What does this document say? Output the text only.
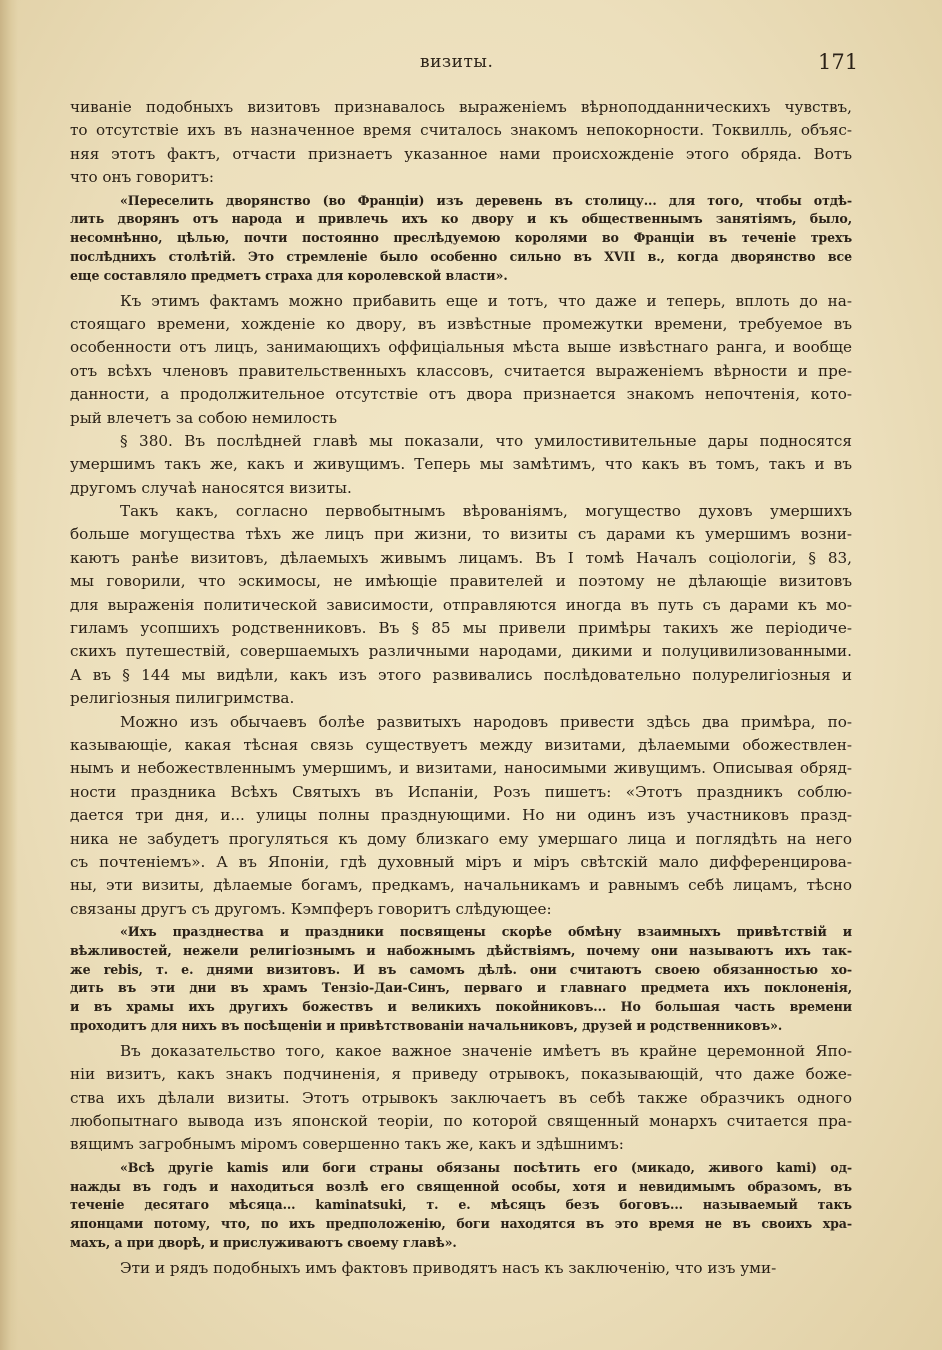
визиты.	171
чиванiе подобныхъ визитовъ признавалось выраженiемъ вѣрноподданническихъ чувствъ,
то отсутствiе ихъ въ назначенное время считалось знакомъ непокорности. Токвилль, объяс-
няя этотъ фактъ, отчасти признаетъ указанное нами происхожденiе этого обряда. Вотъ
что онъ говоритъ:
«Переселить дворянство (во Францiи) изъ деревень въ столицу... для того, чтобы отдѣ-
лить дворянъ отъ народа и привлечь ихъ ко двору и къ общественнымъ занятiямъ, было,
несомнѣнно, цѣлью, почти постоянно преслѣдуемою королями во Францiи въ теченiе трехъ
послѣднихъ столѣтiй. Это стремленiе было особенно сильно въ XVII в., когда дворянство все
еще составляло предметъ страха для королевской власти».
Къ этимъ фактамъ можно прибавить еще и тотъ, что даже и теперь, вплоть до на-
стоящаго времени, хожденiе ко двору, въ извѣстные промежутки времени, требуемое въ
особенности отъ лицъ, занимающихъ оффицiальныя мѣста выше извѣстнаго ранга, и вообще
отъ всѣхъ членовъ правительственныхъ классовъ, считается выраженiемъ вѣрности и пре-
данности, а продолжительное отсутствiе отъ двора признается знакомъ непочтенiя, кото-
рый влечетъ за собою немилость
§ 380. Въ послѣдней главѣ мы показали, что умилостивительные дары подносятся
умершимъ такъ же, какъ и живущимъ. Теперь мы замѣтимъ, что какъ въ томъ, такъ и въ
другомъ случаѣ наносятся визиты.
Такъ какъ, согласно первобытнымъ вѣрованiямъ, могущество духовъ умершихъ
больше могущества тѣхъ же лицъ при жизни, то визиты съ дарами къ умершимъ возни-
каютъ ранѣе визитовъ, дѣлаемыхъ живымъ лицамъ. Въ I томѣ Началъ соцiологiи, § 83,
мы говорили, что эскимосы, не имѣющiе правителей и поэтому не дѣлающiе визитовъ
для выраженiя политической зависимости, отправляются иногда въ путь съ дарами къ мо-
гиламъ усопшихъ родственниковъ. Въ § 85 мы привели примѣры такихъ же перiодиче-
скихъ путешествiй, совершаемыхъ различными народами, дикими и полуцивилизованными.
А въ § 144 мы видѣли, какъ изъ этого развивались послѣдовательно полурелигiозныя и
религiозныя пилигримства.
Можно изъ обычаевъ болѣе развитыхъ народовъ привести здѣсь два примѣра, по-
казывающiе, какая тѣсная связь существуетъ между визитами, дѣлаемыми обожествлен-
нымъ и небожествленнымъ умершимъ, и визитами, наносимыми живущимъ. Описывая обряд-
ности праздника Всѣхъ Святыхъ въ Испанiи, Розъ пишетъ: «Этотъ праздникъ соблю-
дается три дня, и... улицы полны празднующими. Но ни одинъ изъ участниковъ празд-
ника не забудетъ прогуляться къ дому близкаго ему умершаго лица и поглядѣть на него
съ почтенiемъ». А въ Японiи, гдѣ духовный мiръ и мiръ свѣтскiй мало дифференцирова-
ны, эти визиты, дѣлаемые богамъ, предкамъ, начальникамъ и равнымъ себѣ лицамъ, тѣсно
связаны другъ съ другомъ. Кэмпферъ говоритъ слѣдующее:
«Ихъ празднества и праздники посвящены скорѣе обмѣну взаимныхъ привѣтствiй и
вѣжливостей, нежели религiознымъ и набожнымъ дѣйствiямъ, почему они называютъ ихъ так-
же rebis, т. е. днями визитовъ. И въ самомъ дѣлѣ. они считаютъ своею обязанностью хо-
дить въ эти дни въ храмъ Тензiо-Даи-Синъ, перваго и главнаго предмета ихъ поклоненiя,
и въ храмы ихъ другихъ божествъ и великихъ покойниковъ... Но большая часть времени
проходитъ для нихъ въ посѣщенiи и привѣтствованiи начальниковъ, друзей и родственниковъ».
Въ доказательство того, какое важное значенiе имѣетъ въ крайне церемонной Япо-
нiи визитъ, какъ знакъ подчиненiя, я приведу отрывокъ, показывающiй, что даже боже-
ства ихъ дѣлали визиты. Этотъ отрывокъ заключаетъ въ себѣ также образчикъ одного
любопытнаго вывода изъ японской теорiи, по которой священный монархъ считается пра-
вящимъ загробнымъ мiромъ совершенно такъ же, какъ и здѣшнимъ:
«Всѣ другiе kamis или боги страны обязаны посѣтить его (микадо, живого kami) од-
нажды въ годъ и находиться возлѣ его священной особы, хотя и невидимымъ образомъ, въ
теченiе десятаго мѣсяца... kaminatsuki, т. е. мѣсяцъ безъ боговъ... называемый такъ
японцами потому, что, по ихъ предположенiю, боги находятся въ это время не въ своихъ хра-
махъ, а при дворѣ, и прислуживаютъ своему главѣ».
Эти и рядъ подобныхъ имъ фактовъ приводятъ насъ къ заключенiю, что изъ уми-
